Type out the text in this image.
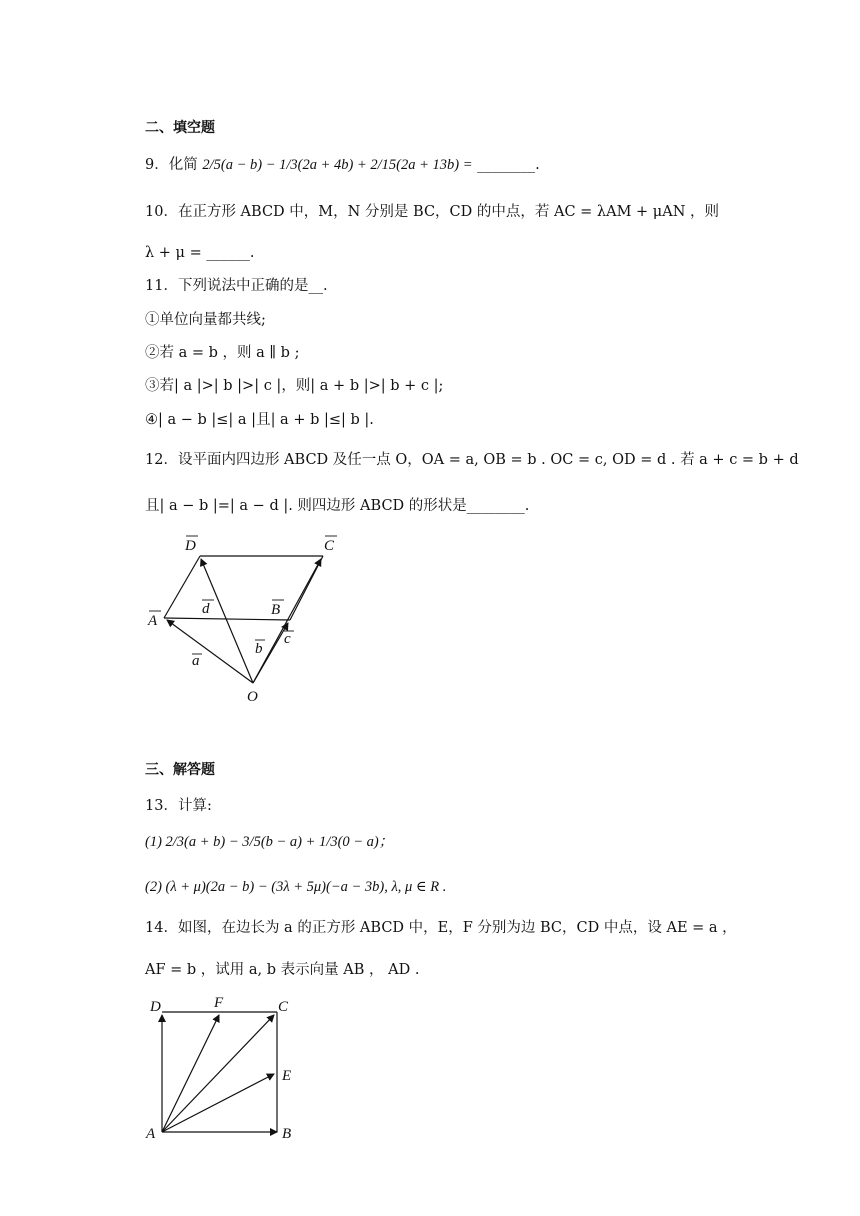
二、填空题
9．化简 2/5(a − b) − 1/3(2a + 4b) + 2/15(2a + 13b) = ________.
10．在正方形 ABCD 中，M，N 分别是 BC，CD 的中点，若 AC = λAM + μAN ，则
λ + μ = ______.
11．下列说法中正确的是__.
①单位向量都共线;
②若 a = b ，则 a ∥ b ;
③若| a |>| b |>| c |，则| a + b |>| b + c |;
④| a − b |≤| a |且| a + b |≤| b |.
12．设平面内四边形 ABCD 及任一点 O，OA = a, OB = b . OC = c, OD = d . 若 a + c = b + d
且| a − b |=| a − d |. 则四边形 ABCD 的形状是________.
D	C
A
B
O
d
b
c
a
三、解答题
13．计算:
(1) 2/3(a + b) − 3/5(b − a) + 1/3(0 − a)；
(2) (λ + μ)(2a − b) − (3λ + 5μ)(−a − 3b), λ, μ ∈ R .
14．如图，在边长为 a 的正方形 ABCD 中，E，F 分别为边 BC，CD 中点，设 AE = a ，
AF = b ，试用 a, b 表示向量 AB ， AD .
D	F	C
E
A	B
